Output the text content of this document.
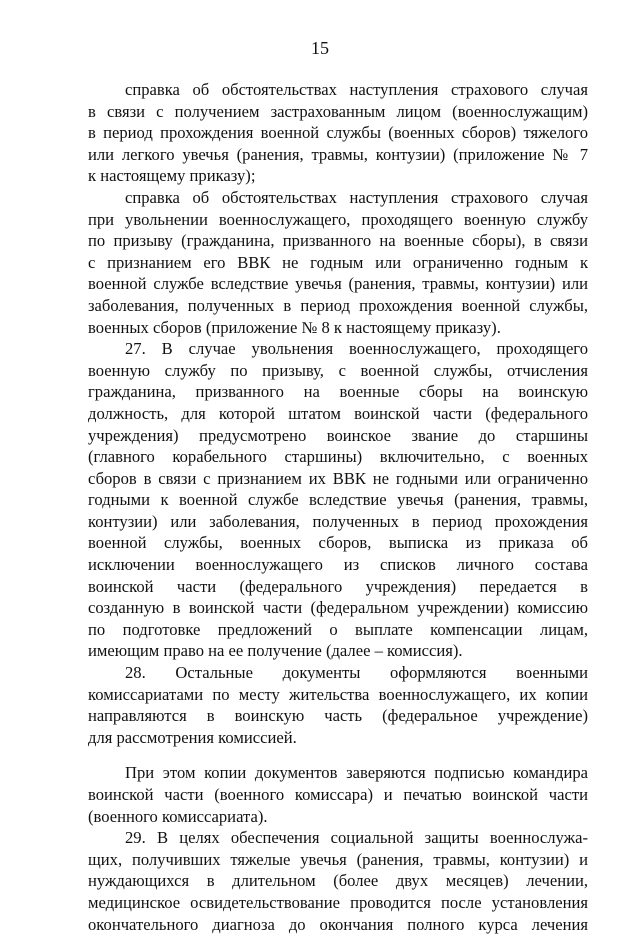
15
справка об обстоятельствах наступления страхового случая
в связи с получением застрахованным лицом (военнослужащим)
в период прохождения военной службы (военных сборов) тяжелого
или легкого увечья (ранения, травмы, контузии) (приложение № 7
к настоящему приказу);
справка об обстоятельствах наступления страхового случая
при увольнении военнослужащего, проходящего военную службу
по призыву (гражданина, призванного на военные сборы), в связи
с признанием его ВВК не годным или ограниченно годным к
военной службе вследствие увечья (ранения, травмы, контузии) или
заболевания, полученных в период прохождения военной службы,
военных сборов (приложение № 8 к настоящему приказу).
27. В случае увольнения военнослужащего, проходящего
военную службу по призыву, с военной службы, отчисления
гражданина, призванного на военные сборы на воинскую
должность, для которой штатом воинской части (федерального
учреждения) предусмотрено воинское звание до старшины
(главного корабельного старшины) включительно, с военных
сборов в связи с признанием их ВВК не годными или ограниченно
годными к военной службе вследствие увечья (ранения, травмы,
контузии) или заболевания, полученных в период прохождения
военной службы, военных сборов, выписка из приказа об
исключении военнослужащего из списков личного состава
воинской части (федерального учреждения) передается в
созданную в воинской части (федеральном учреждении) комиссию
по подготовке предложений о выплате компенсации лицам,
имеющим право на ее получение (далее – комиссия).
28. Остальные документы оформляются военными
комиссариатами по месту жительства военнослужащего, их копии
направляются в воинскую часть (федеральное учреждение)
для рассмотрения комиссией.
При этом копии документов заверяются подписью командира
воинской части (военного комиссара) и печатью воинской части
(военного комиссариата).
29. В целях обеспечения социальной защиты военнослужа-
щих, получивших тяжелые увечья (ранения, травмы, контузии) и
нуждающихся в длительном (более двух месяцев) лечении,
медицинское освидетельствование проводится после установления
окончательного диагноза до окончания полного курса лечения
